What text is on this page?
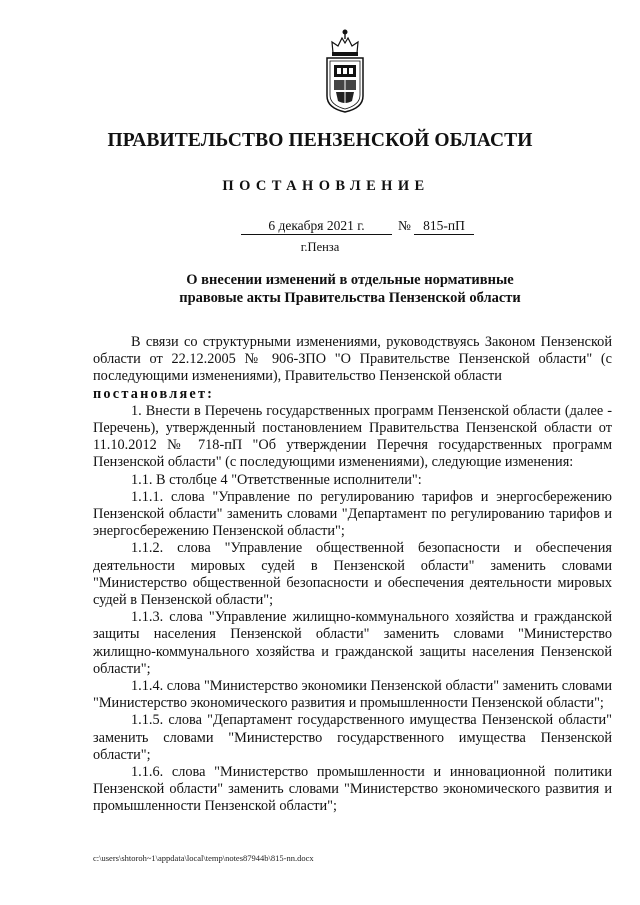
ПРАВИТЕЛЬСТВО ПЕНЗЕНСКОЙ ОБЛАСТИ
ПОСТАНОВЛЕНИЕ
6 декабря 2021 г.	№ 815-пП
г.Пенза
О внесении изменений в отдельные нормативные
правовые акты Правительства Пензенской области

В связи со структурными изменениями, руководствуясь Законом Пензенской области от 22.12.2005 № 906-ЗПО "О Правительстве Пензенской области" (с последующими изменениями), Правительство Пензенской области

постановляет:

1. Внести в Перечень государственных программ Пензенской области (далее - Перечень), утвержденный постановлением Правительства Пензенской области от 11.10.2012 № 718-пП "Об утверждении Перечня государственных программ Пензенской области" (с последующими изменениями), следующие изменения:

1.1. В столбце 4 "Ответственные исполнители":

1.1.1. слова "Управление по регулированию тарифов и энергосбережению Пензенской области" заменить словами "Департамент по регулированию тарифов и энергосбережению Пензенской области";

1.1.2. слова "Управление общественной безопасности и обеспечения деятельности мировых судей в Пензенской области" заменить словами "Министерство общественной безопасности и обеспечения деятельности мировых судей в Пензенской области";

1.1.3. слова "Управление жилищно-коммунального хозяйства и гражданской защиты населения Пензенской области" заменить словами "Министерство жилищно-коммунального хозяйства и гражданской защиты населения Пензенской области";

1.1.4. слова "Министерство экономики Пензенской области" заменить словами "Министерство экономического развития и промышленности Пензенской области";

1.1.5. слова "Департамент государственного имущества Пензенской области" заменить словами "Министерство государственного имущества Пензенской области";

1.1.6. слова "Министерство промышленности и инновационной политики Пензенской области" заменить словами "Министерство экономического развития и промышленности Пензенской области";

c:\users\shtoroh~1\appdata\local\temp\notes87944b\815-nn.docx
